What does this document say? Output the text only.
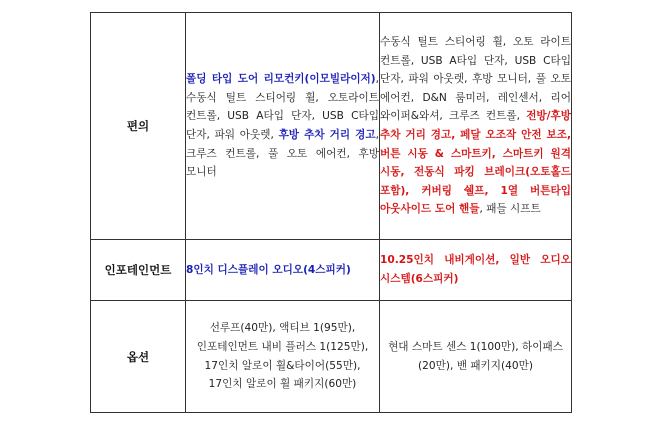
편의	폴딩 타입 도어 리모컨키(이모빌라이저), 수동식 틸트 스티어링 휠, 오토라이트 컨트롤, USB A타입 단자, USB C타입 단자, 파워 아웃렛, 후방 추차 거리 경고, 크루즈 컨트롤, 풀 오토 에어컨, 후방 모니터	수동식 틸트 스티어링 휠, 오토 라이트 컨트롤, USB A타입 단자, USB C타입 단자, 파워 아웃렛, 후방 모니터, 풀 오토 에어컨, D&N 룸미러, 레인센서, 리어 와이퍼&와셔, 크루즈 컨트롤, 전방/후방 추차 거리 경고, 페달 오조작 안전 보조, 버튼 시동 & 스마트키, 스마트키 원격 시동, 전동식 파킹 브레이크(오토홀드 포함), 커버링 쉘프, 1열 버튼타입 아웃사이드 도어 핸들, 패들 시프트
인포테인먼트	8인치 디스플레이 오디오(4스피커)	10.25인치 내비게이션, 일반 오디오 시스템(6스피커)
옵션	선루프(40만), 액티브 1(95만), 인포테인먼트 내비 플러스 1(125만), 17인치 알로이 휠&타이어(55만), 17인치 알로이 휠 패키지(60만)	현대 스마트 센스 1(100만), 하이패스(20만), 밴 패키지(40만)
